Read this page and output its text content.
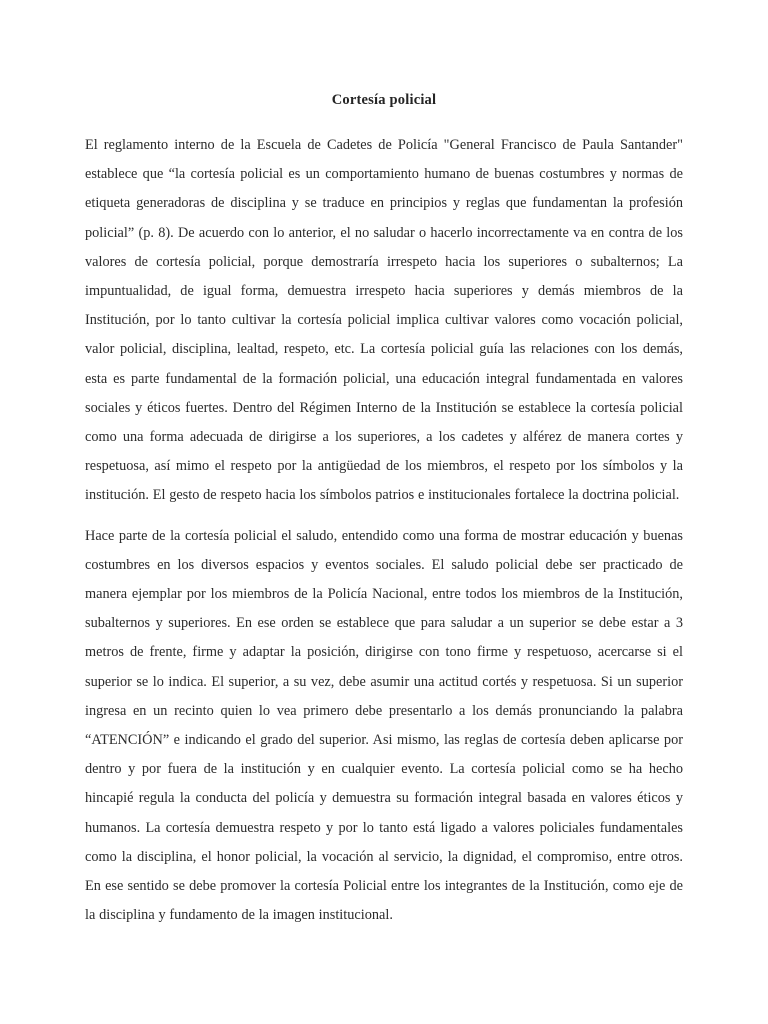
Cortesía policial

El reglamento interno de la Escuela de Cadetes de Policía "General Francisco de Paula Santander" establece que “la cortesía policial es un comportamiento humano de buenas costumbres y normas de etiqueta generadoras de disciplina y se traduce en principios y reglas que fundamentan la profesión policial” (p. 8). De acuerdo con lo anterior, el no saludar o hacerlo incorrectamente va en contra de los valores de cortesía policial, porque demostraría irrespeto hacia los superiores o subalternos; La impuntualidad, de igual forma, demuestra irrespeto hacia superiores y demás miembros de la Institución, por lo tanto cultivar la cortesía policial implica cultivar valores como vocación policial, valor policial, disciplina, lealtad, respeto, etc. La cortesía policial guía las relaciones con los demás, esta es parte fundamental de la formación policial, una educación integral fundamentada en valores sociales y éticos fuertes. Dentro del Régimen Interno de la Institución se establece la cortesía policial como una forma adecuada de dirigirse a los superiores, a los cadetes y alférez de manera cortes y respetuosa, así mimo el respeto por la antigüedad de los miembros, el respeto por los símbolos y la institución. El gesto de respeto hacia los símbolos patrios e institucionales fortalece la doctrina policial.

Hace parte de la cortesía policial el saludo, entendido como una forma de mostrar educación y buenas costumbres en los diversos espacios y eventos sociales. El saludo policial debe ser practicado de manera ejemplar por los miembros de la Policía Nacional, entre todos los miembros de la Institución, subalternos y superiores. En ese orden se establece que para saludar a un superior se debe estar a 3 metros de frente, firme y adaptar la posición, dirigirse con tono firme y respetuoso, acercarse si el superior se lo indica. El superior, a su vez, debe asumir una actitud cortés y respetuosa. Si un superior ingresa en un recinto quien lo vea primero debe presentarlo a los demás pronunciando la palabra “ATENCIÓN” e indicando el grado del superior. Asi mismo, las reglas de cortesía deben aplicarse por dentro y por fuera de la institución y en cualquier evento. La cortesía policial como se ha hecho hincapié regula la conducta del policía y demuestra su formación integral basada en valores éticos y humanos. La cortesía demuestra respeto y por lo tanto está ligado a valores policiales fundamentales como la disciplina, el honor policial, la vocación al servicio, la dignidad, el compromiso, entre otros. En ese sentido se debe promover la cortesía Policial entre los integrantes de la Institución, como eje de la disciplina y fundamento de la imagen institucional.
